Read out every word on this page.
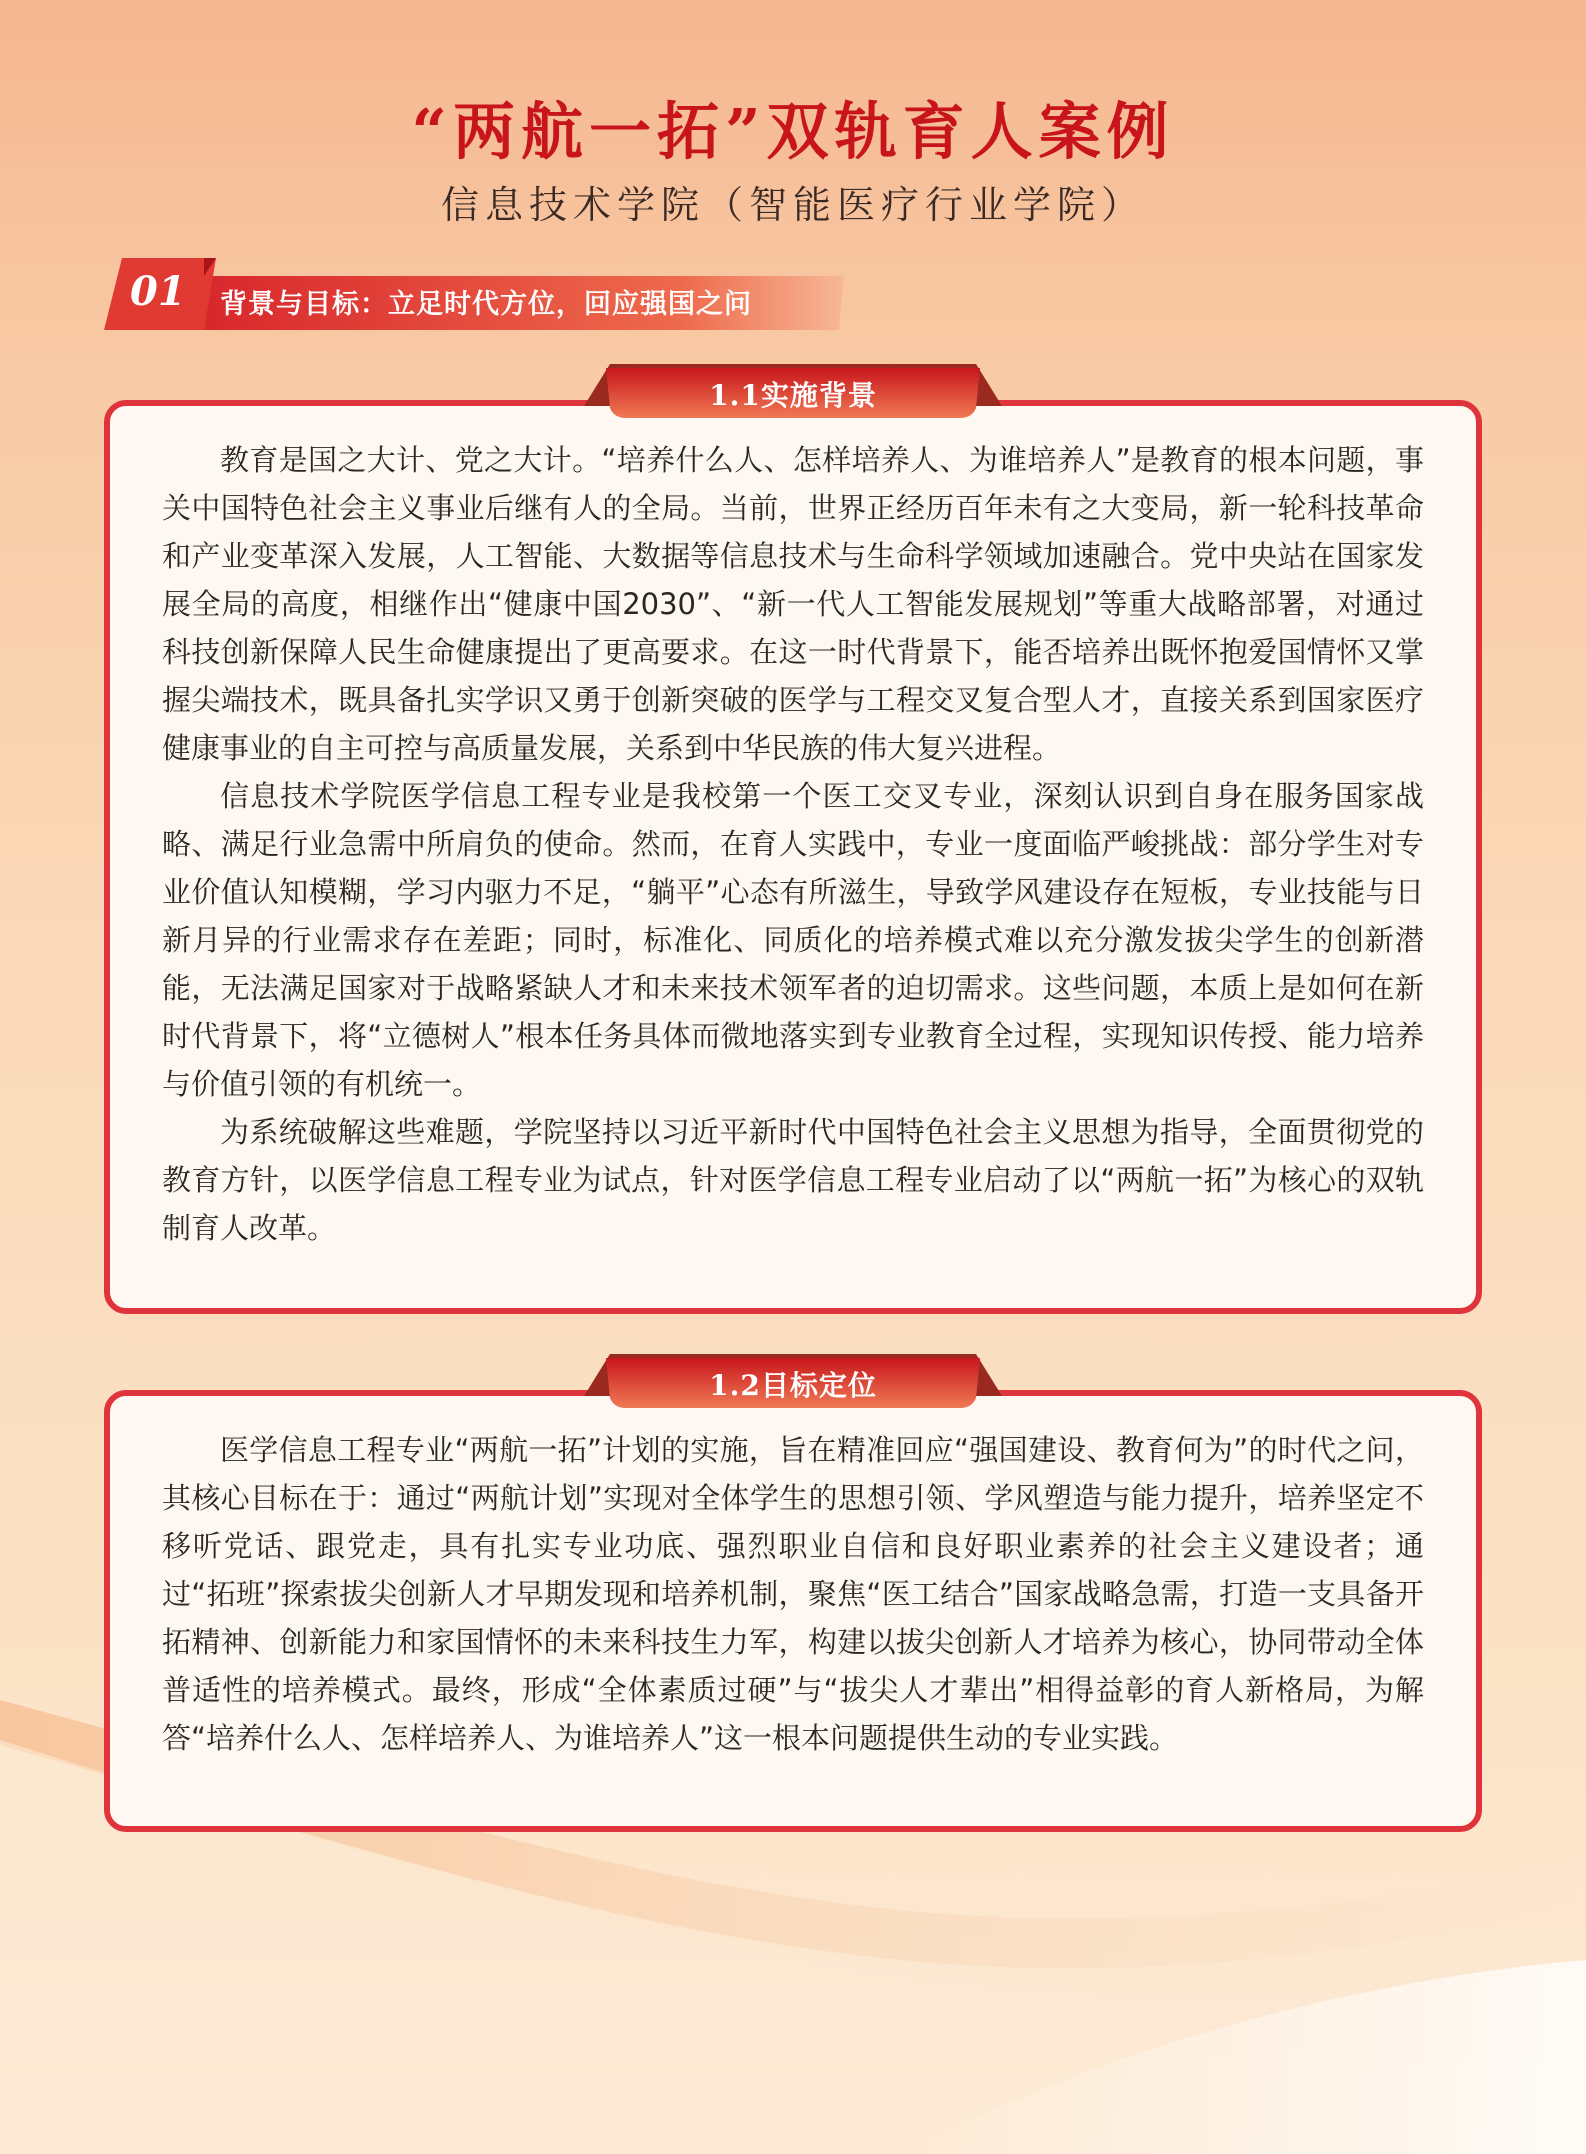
“两航一拓”双轨育人案例
信息技术学院（智能医疗行业学院）
01 背景与目标：立足时代方位，回应强国之问

教育是国之大计、党之大计。“培养什么人、怎样培养人、为谁培养人”是教育的根本问题，事关中国特色社会主义事业后继有人的全局。当前，世界正经历百年未有之大变局，新一轮科技革命和产业变革深入发展，人工智能、大数据等信息技术与生命科学领域加速融合。党中央站在国家发展全局的高度，相继作出“健康中国2030”、“新一代人工智能发展规划”等重大战略部署，对通过科技创新保障人民生命健康提出了更高要求。在这一时代背景下，能否培养出既怀抱爱国情怀又掌握尖端技术，既具备扎实学识又勇于创新突破的医学与工程交叉复合型人才，直接关系到国家医疗健康事业的自主可控与高质量发展，关系到中华民族的伟大复兴进程。

信息技术学院医学信息工程专业是我校第一个医工交叉专业，深刻认识到自身在服务国家战略、满足行业急需中所肩负的使命。然而，在育人实践中，专业一度面临严峻挑战：部分学生对专业价值认知模糊，学习内驱力不足，“躺平”心态有所滋生，导致学风建设存在短板，专业技能与日新月异的行业需求存在差距；同时，标准化、同质化的培养模式难以充分激发拔尖学生的创新潜能，无法满足国家对于战略紧缺人才和未来技术领军者的迫切需求。这些问题，本质上是如何在新时代背景下，将“立德树人”根本任务具体而微地落实到专业教育全过程，实现知识传授、能力培养与价值引领的有机统一。

为系统破解这些难题，学院坚持以习近平新时代中国特色社会主义思想为指导，全面贯彻党的教育方针，以医学信息工程专业为试点，针对医学信息工程专业启动了以“两航一拓”为核心的双轨制育人改革。

1.1实施背景

医学信息工程专业“两航一拓”计划的实施，旨在精准回应“强国建设、教育何为”的时代之问，其核心目标在于：通过“两航计划”实现对全体学生的思想引领、学风塑造与能力提升，培养坚定不移听党话、跟党走，具有扎实专业功底、强烈职业自信和良好职业素养的社会主义建设者；通过“拓班”探索拔尖创新人才早期发现和培养机制，聚焦“医工结合”国家战略急需，打造一支具备开拓精神、创新能力和家国情怀的未来科技生力军，构建以拔尖创新人才培养为核心，协同带动全体普适性的培养模式。最终，形成“全体素质过硬”与“拔尖人才辈出”相得益彰的育人新格局，为解答“培养什么人、怎样培养人、为谁培养人”这一根本问题提供生动的专业实践。

1.2目标定位
